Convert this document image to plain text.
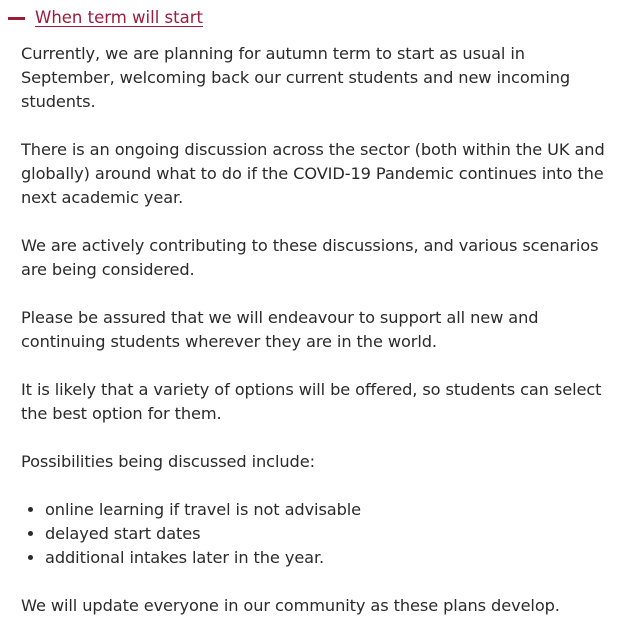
When term will start

Currently, we are planning for autumn term to start as usual in September, welcoming back our current students and new incoming students.

There is an ongoing discussion across the sector (both within the UK and globally) around what to do if the COVID-19 Pandemic continues into the next academic year.

We are actively contributing to these discussions, and various scenarios are being considered.

Please be assured that we will endeavour to support all new and continuing students wherever they are in the world.

It is likely that a variety of options will be offered, so students can select the best option for them.

Possibilities being discussed include:

• online learning if travel is not advisable
• delayed start dates
• additional intakes later in the year.

We will update everyone in our community as these plans develop.
